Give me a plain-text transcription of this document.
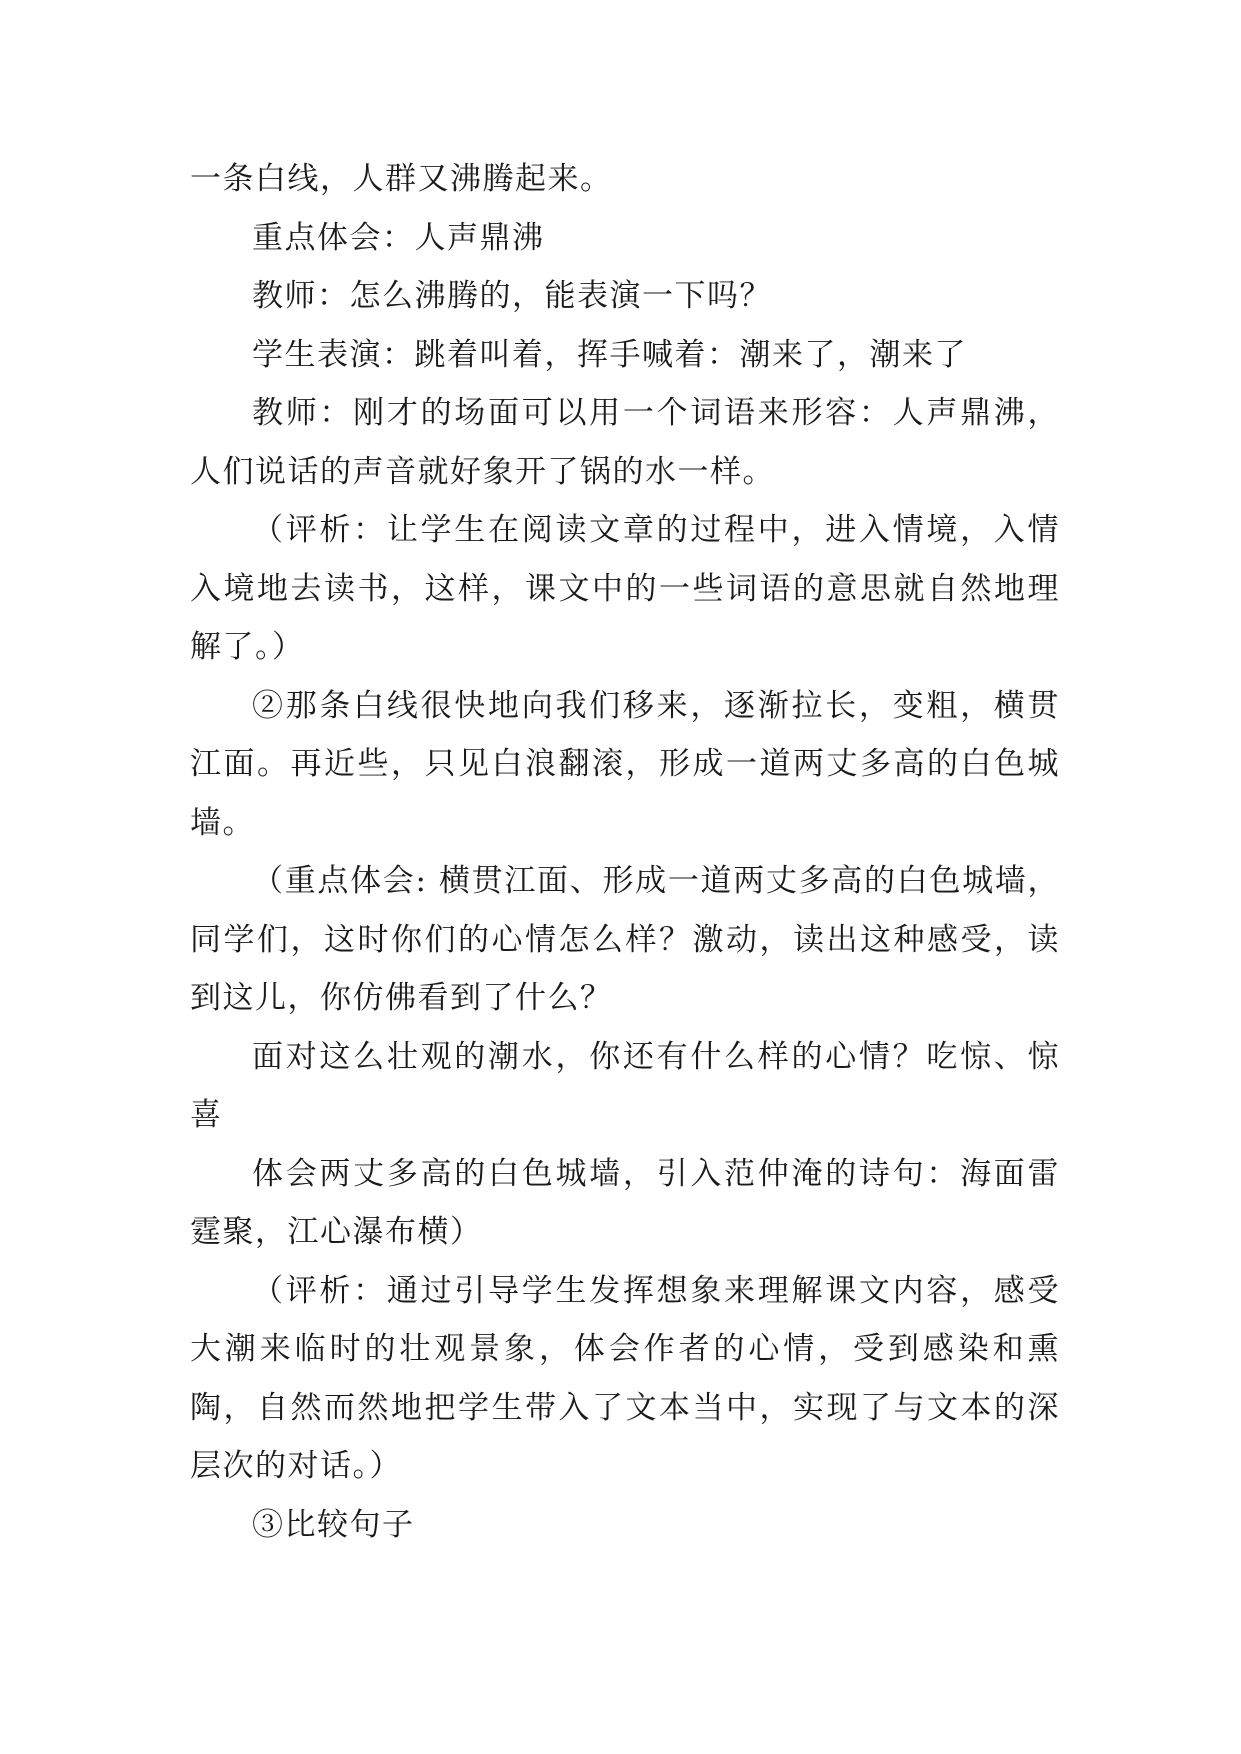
一条白线，人群又沸腾起来。

重点体会：人声鼎沸

教师：怎么沸腾的，能表演一下吗？

学生表演：跳着叫着，挥手喊着：潮来了，潮来了

教师：刚才的场面可以用一个词语来形容：人声鼎沸，人们说话的声音就好象开了锅的水一样。

（评析：让学生在阅读文章的过程中，进入情境，入情入境地去读书，这样，课文中的一些词语的意思就自然地理解了。）

②那条白线很快地向我们移来，逐渐拉长，变粗，横贯江面。再近些，只见白浪翻滚，形成一道两丈多高的白色城墙。

（重点体会: 横贯江面、形成一道两丈多高的白色城墙，同学们，这时你们的心情怎么样？激动，读出这种感受，读到这儿，你仿佛看到了什么？

面对这么壮观的潮水，你还有什么样的心情？吃惊、惊喜

体会两丈多高的白色城墙，引入范仲淹的诗句：海面雷霆聚，江心瀑布横）

（评析：通过引导学生发挥想象来理解课文内容，感受大潮来临时的壮观景象，体会作者的心情，受到感染和熏陶，自然而然地把学生带入了文本当中，实现了与文本的深层次的对话。）

③比较句子
